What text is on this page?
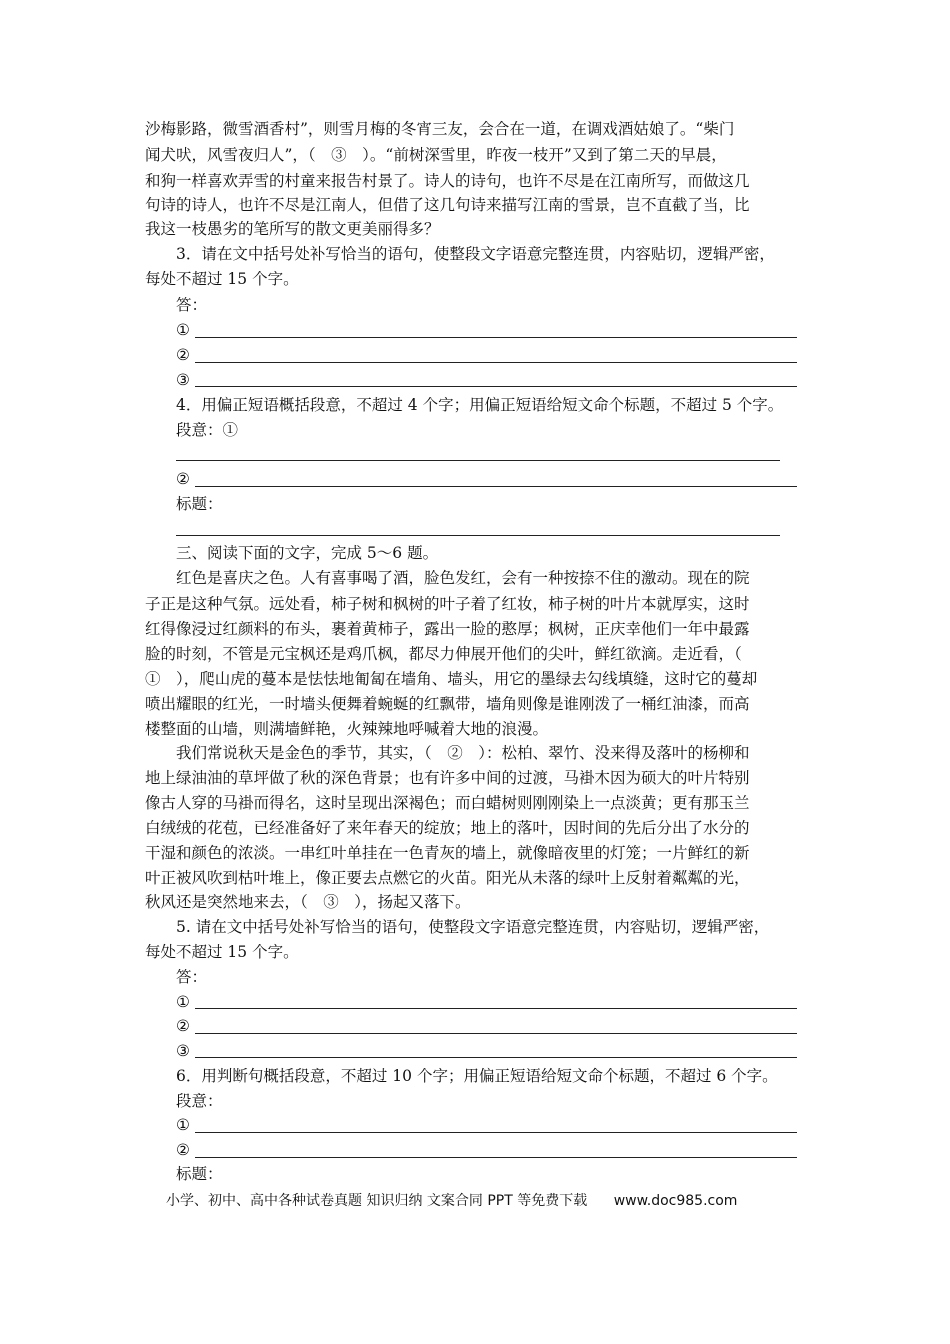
沙梅影路，微雪酒香村”，则雪月梅的冬宵三友，会合在一道，在调戏酒姑娘了。“柴门
闻犬吠，风雪夜归人”，（　③　）。“前树深雪里，昨夜一枝开”又到了第二天的早晨，
和狗一样喜欢弄雪的村童来报告村景了。诗人的诗句，也许不尽是在江南所写，而做这几
句诗的诗人，也许不尽是江南人，但借了这几句诗来描写江南的雪景，岂不直截了当，比
我这一枝愚劣的笔所写的散文更美丽得多？
3．请在文中括号处补写恰当的语句，使整段文字语意完整连贯，内容贴切，逻辑严密，
每处不超过 15 个字。
答：
①
②
③
4．用偏正短语概括段意，不超过 4 个字；用偏正短语给短文命个标题，不超过 5 个字。
段意：①
②
标题：
三、阅读下面的文字，完成 5～6 题。
红色是喜庆之色。人有喜事喝了酒，脸色发红，会有一种按捺不住的激动。现在的院
子正是这种气氛。远处看，柿子树和枫树的叶子着了红妆，柿子树的叶片本就厚实，这时
红得像浸过红颜料的布头，裹着黄柿子，露出一脸的憨厚；枫树，正庆幸他们一年中最露
脸的时刻，不管是元宝枫还是鸡爪枫，都尽力伸展开他们的尖叶，鲜红欲滴。走近看，（
①　），爬山虎的蔓本是怯怯地匍匐在墙角、墙头，用它的墨绿去勾线填缝，这时它的蔓却
喷出耀眼的红光，一时墙头便舞着蜿蜒的红飘带，墙角则像是谁刚泼了一桶红油漆，而高
楼整面的山墙，则满墙鲜艳，火辣辣地呼喊着大地的浪漫。
我们常说秋天是金色的季节，其实，（　②　）：松柏、翠竹、没来得及落叶的杨柳和
地上绿油油的草坪做了秋的深色背景；也有许多中间的过渡，马褂木因为硕大的叶片特别
像古人穿的马褂而得名，这时呈现出深褐色；而白蜡树则刚刚染上一点淡黄；更有那玉兰
白绒绒的花苞，已经准备好了来年春天的绽放；地上的落叶，因时间的先后分出了水分的
干湿和颜色的浓淡。一串红叶单挂在一色青灰的墙上，就像暗夜里的灯笼；一片鲜红的新
叶正被风吹到枯叶堆上，像正要去点燃它的火苗。阳光从未落的绿叶上反射着粼粼的光，
秋风还是突然地来去，（　③　），扬起又落下。
5. 请在文中括号处补写恰当的语句，使整段文字语意完整连贯，内容贴切，逻辑严密，
每处不超过 15 个字。
答：
①
②
③
6．用判断句概括段意，不超过 10 个字；用偏正短语给短文命个标题，不超过 6 个字。
段意：
①
②
标题：
小学、初中、高中各种试卷真题 知识归纳 文案合同 PPT 等免费下载 www.doc985.com
